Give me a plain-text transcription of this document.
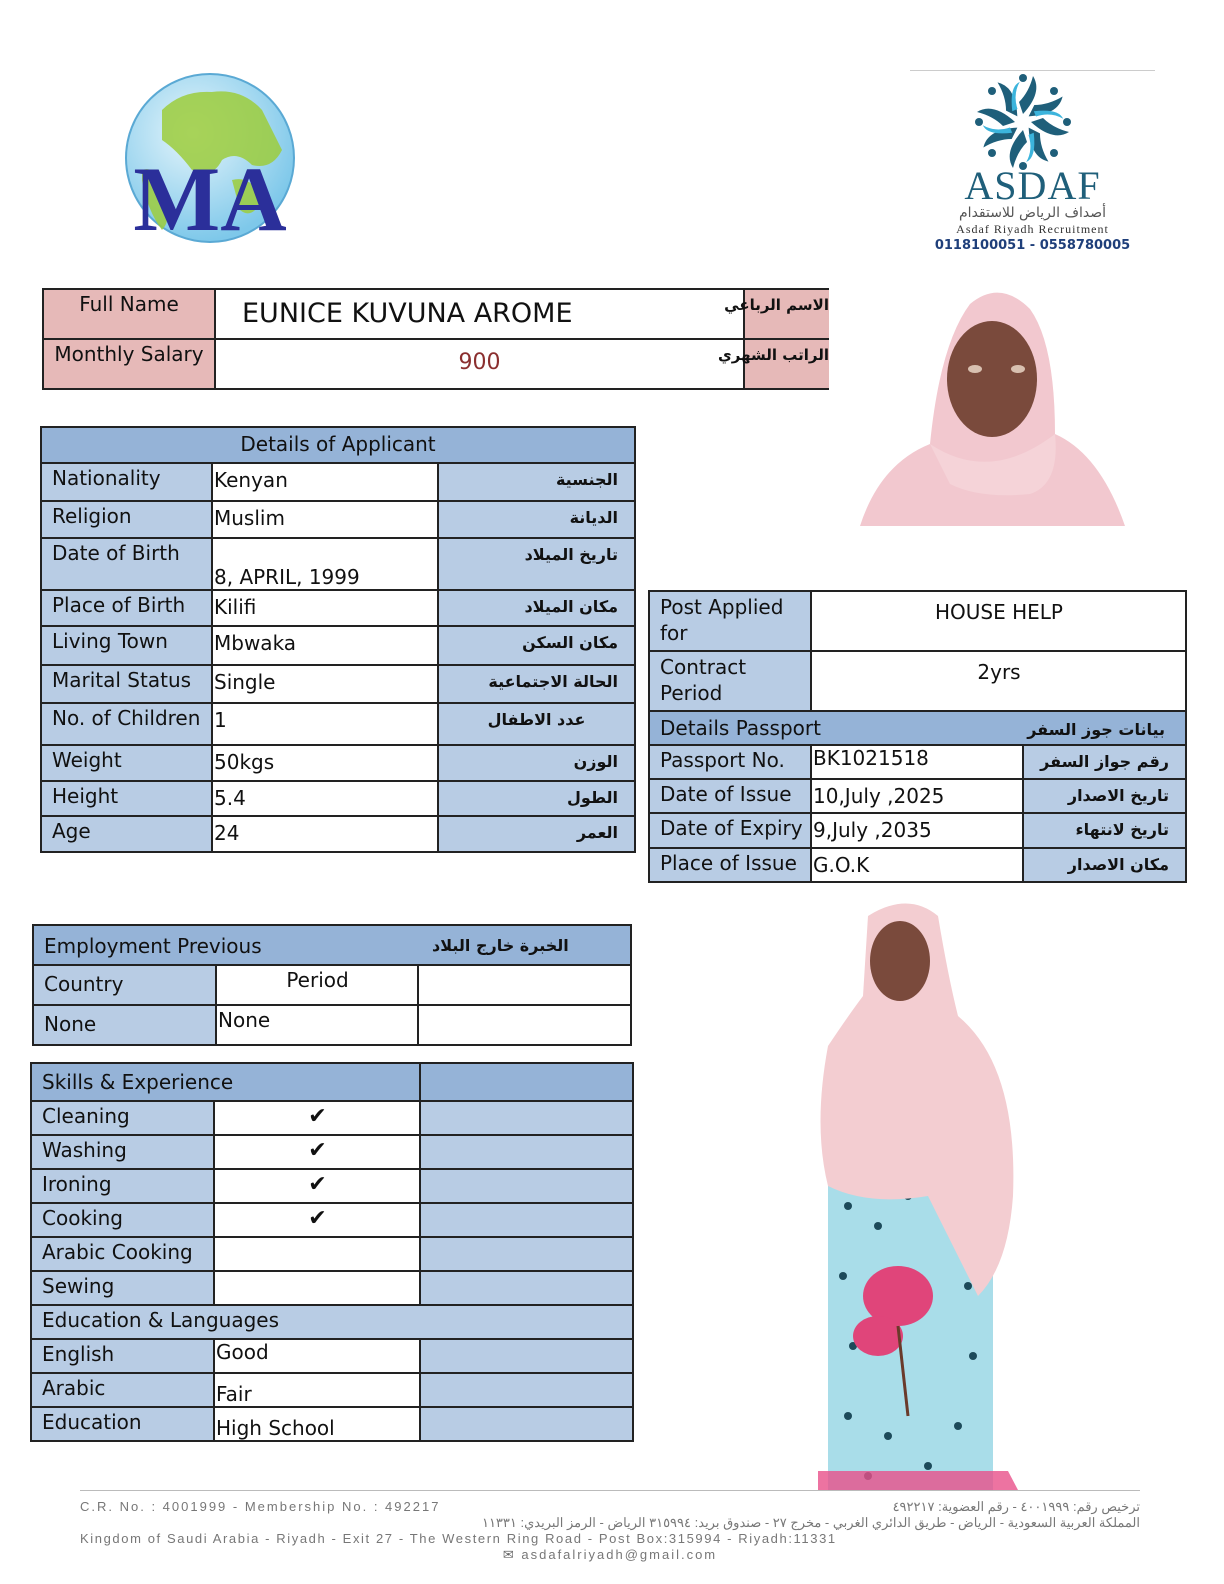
MA	ASDAF
أصداف الرياض للاستقدام
Asdaf Riyadh Recruitment
0118100051 - 0558780005
Full Name	EUNICE KUVUNA AROME	الاسم الرباعي
Monthly Salary	900	الراتب الشهري
Details of Applicant		
Nationality	Kenyan	الجنسية
Religion	Muslim	الديانة
Date of Birth	8, APRIL, 1999	تاريخ الميلاد
Place of Birth	Kilifi	مكان الميلاد
Living Town	Mbwaka	مكان السكن
Marital Status	Single	الحالة الاجتماعية
No. of Children	1	عدد الاطفال
Weight	50kgs	الوزن
Height	5.4	الطول
Age	24	العمر
Post Applied for	HOUSE HELP	
Contract Period	2yrs	
Details Passport بيانات جوز السفر		

Passport No.	BK1021518	رقم جواز السفر
Date of Issue	10,July ,2025	تاريخ الاصدار
Date of Expiry	9,July ,2035	تاريخ لانتهاء
Place of Issue	G.O.K	مكان الاصدار
Employment Previous الخبرة خارج البلاد		

Country	Period	
None	None	
Skills & Experience		
Cleaning	✔	
Washing	✔	
Ironing	✔	
Cooking	✔	
Arabic Cooking		
Sewing		
Education & Languages		
English	Good	
Arabic	Fair	
Education	High School	
C.R. No. : 4001999 - Membership No. : 492217	ترخيص رقم: ٤٠٠١٩٩٩ - رقم العضوية: ٤٩٢٢١٧
المملكة العربية السعودية - الرياض - طريق الدائري الغربي - مخرج ٢٧ - صندوق بريد: ٣١٥٩٩٤ الرياض - الرمز البريدي: ١١٣٣١
Kingdom of Saudi Arabia - Riyadh - Exit 27 - The Western Ring Road - Post Box:315994 - Riyadh:11331
✉ asdafalriyadh@gmail.com
